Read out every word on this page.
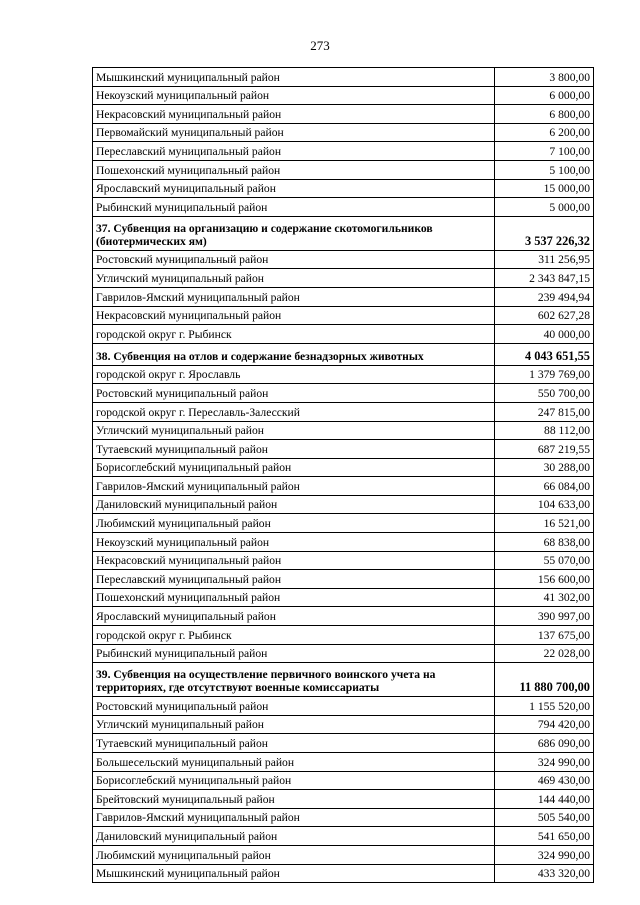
273
Мышкинский муниципальный район	3 800,00
Некоузский муниципальный район	6 000,00
Некрасовский муниципальный район	6 800,00
Первомайский муниципальный район	6 200,00
Переславский муниципальный район	7 100,00
Пошехонский муниципальный район	5 100,00
Ярославский муниципальный район	15 000,00
Рыбинский муниципальный район	5 000,00
37. Субвенция на организацию и содержание скотомогильников (биотермических ям)	3 537 226,32
Ростовский муниципальный район	311 256,95
Угличский муниципальный район	2 343 847,15
Гаврилов-Ямский муниципальный район	239 494,94
Некрасовский муниципальный район	602 627,28
городской округ г. Рыбинск	40 000,00
38. Субвенция на отлов и содержание безнадзорных животных	4 043 651,55
городской округ г. Ярославль	1 379 769,00
Ростовский муниципальный район	550 700,00
городской округ г. Переславль-Залесский	247 815,00
Угличский муниципальный район	88 112,00
Тутаевский муниципальный район	687 219,55
Борисоглебский муниципальный район	30 288,00
Гаврилов-Ямский муниципальный район	66 084,00
Даниловский муниципальный район	104 633,00
Любимский муниципальный район	16 521,00
Некоузский муниципальный район	68 838,00
Некрасовский муниципальный район	55 070,00
Переславский муниципальный район	156 600,00
Пошехонский муниципальный район	41 302,00
Ярославский муниципальный район	390 997,00
городской округ г. Рыбинск	137 675,00
Рыбинский муниципальный район	22 028,00
39. Субвенция на осуществление первичного воинского учета на территориях, где отсутствуют военные комиссариаты	11 880 700,00
Ростовский муниципальный район	1 155 520,00
Угличский муниципальный район	794 420,00
Тутаевский муниципальный район	686 090,00
Большесельский муниципальный район	324 990,00
Борисоглебский муниципальный район	469 430,00
Брейтовский муниципальный район	144 440,00
Гаврилов-Ямский муниципальный район	505 540,00
Даниловский муниципальный район	541 650,00
Любимский муниципальный район	324 990,00
Мышкинский муниципальный район	433 320,00
